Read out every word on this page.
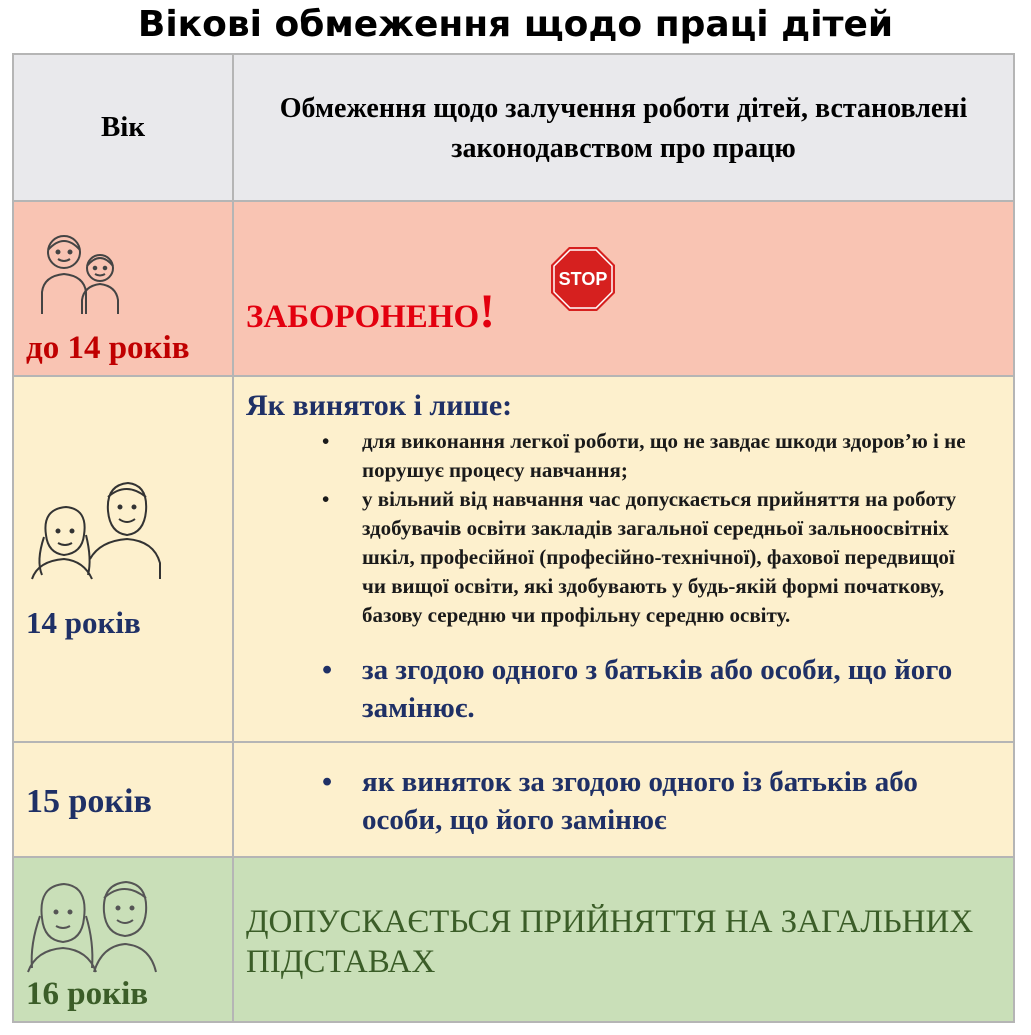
Вікові обмеження щодо праці дітей
Вік
Обмеження щодо залучення роботи дітей, встановлені законодавством про працю
до 14 років
ЗАБОРОНЕНО!
STOP
14 років
Як виняток і лише:
• для виконання легкої роботи, що не завдає шкоди здоров’ю і не порушує процесу навчання;
• у вільний від навчання час допускається прийняття на роботу здобувачів освіти закладів загальної середньої зальноосвітніх шкіл, професійної (професійно-технічної), фахової передвищої чи вищої освіти, які здобувають у будь-якій формі початкову, базову середню чи профільну середню освіту.
• за згодою одного з батьків або особи, що його замінює.
15 років
• як виняток за згодою одного із батьків або особи, що його замінює
16 років
ДОПУСКАЄТЬСЯ ПРИЙНЯТТЯ НА ЗАГАЛЬНИХ ПІДСТАВАХ
